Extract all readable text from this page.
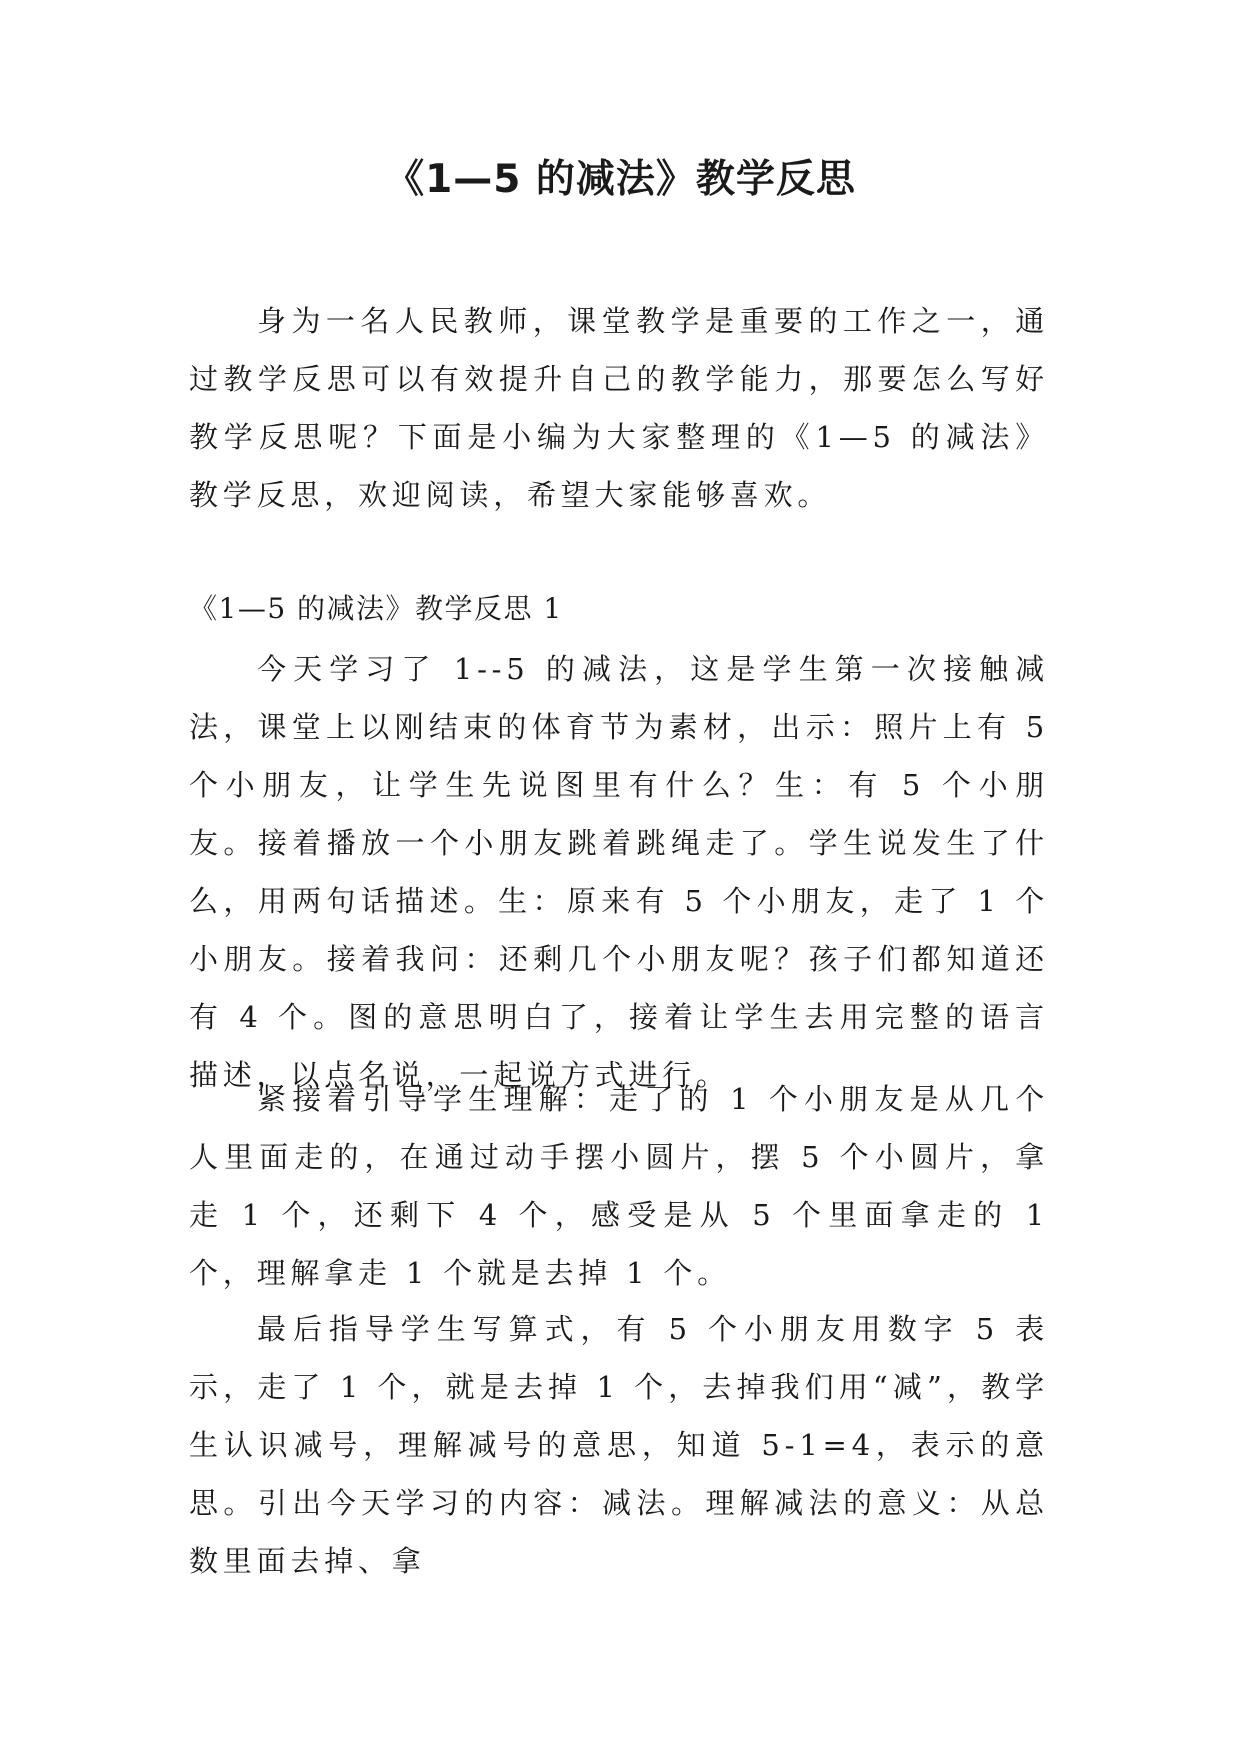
《1—5 的减法》教学反思

身为一名人民教师，课堂教学是重要的工作之一，通过教学反思可以有效提升自己的教学能力，那要怎么写好教学反思呢？下面是小编为大家整理的《1—5 的减法》教学反思，欢迎阅读，希望大家能够喜欢。

《1—5 的减法》教学反思 1

今天学习了 1--5 的减法，这是学生第一次接触减法，课堂上以刚结束的体育节为素材，出示：照片上有 5 个小朋友，让学生先说图里有什么？生：有 5 个小朋友。接着播放一个小朋友跳着跳绳走了。学生说发生了什么，用两句话描述。生：原来有 5 个小朋友，走了 1 个小朋友。接着我问：还剩几个小朋友呢？孩子们都知道还有 4 个。图的意思明白了，接着让学生去用完整的语言描述，以点名说，一起说方式进行。

紧接着引导学生理解：走了的 1 个小朋友是从几个人里面走的，在通过动手摆小圆片，摆 5 个小圆片，拿走 1 个，还剩下 4 个，感受是从 5 个里面拿走的 1 个，理解拿走 1 个就是去掉 1 个。

最后指导学生写算式，有 5 个小朋友用数字 5 表示，走了 1 个，就是去掉 1 个，去掉我们用“减”，教学生认识减号，理解减号的意思，知道 5-1=4，表示的意思。引出今天学习的内容：减法。理解减法的意义：从总数里面去掉、拿
